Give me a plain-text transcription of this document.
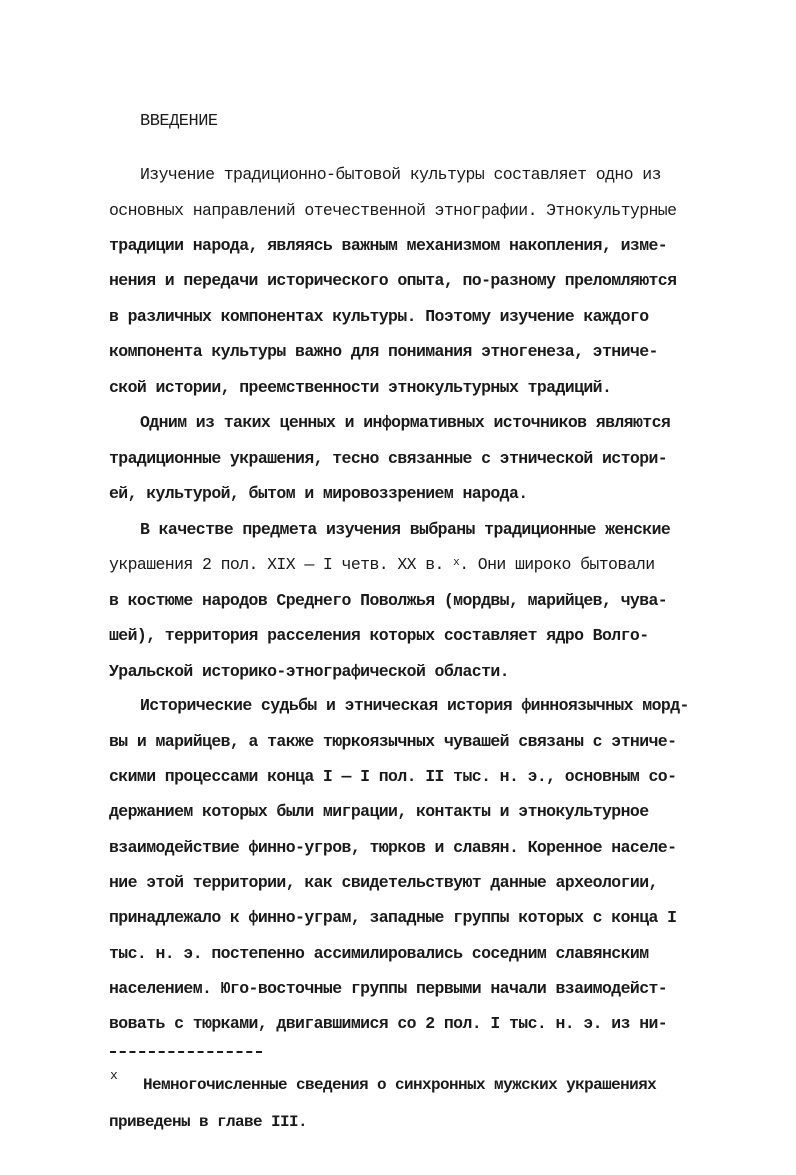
ВВЕДЕНИЕ
Изучение традиционно-бытовой культуры составляет одно из
основных направлений отечественной этнографии. Этнокультурные
традиции народа, являясь важным механизмом накопления, изме-
нения и передачи исторического опыта, по-разному преломляются
в различных компонентах культуры. Поэтому изучение каждого
компонента культуры важно для понимания этногенеза, этниче-
ской истории, преемственности этнокультурных традиций.
Одним из таких ценных и информативных источников являются
традиционные украшения, тесно связанные с этнической истори-
ей, культурой, бытом и мировоззрением народа.
В качестве предмета изучения выбраны традиционные женские
украшения 2 пол. XIX — I четв. XX в. $^x$. Они широко бытовали
в костюме народов Среднего Поволжья (мордвы, марийцев, чува-
шей), территория расселения которых составляет ядро Волго-
Уральской историко-этнографической области.
Исторические судьбы и этническая история финноязычных морд-
вы и марийцев, а также тюркоязычных чувашей связаны с этниче-
скими процессами конца I — I пол. II тыс. н. э., основным со-
держанием которых были миграции, контакты и этнокультурное
взаимодействие финно-угров, тюрков и славян. Коренное населе-
ние этой территории, как свидетельствуют данные археологии,
принадлежало к финно-уграм, западные группы которых с конца I
тыс. н. э. постепенно ассимилировались соседним славянским
населением. Юго-восточные группы первыми начали взаимодейст-
вовать с тюрками, двигавшимися со 2 пол. I тыс. н. э. из ни-
x
Немногочисленные сведения о синхронных мужских украшениях
приведены в главе III.
